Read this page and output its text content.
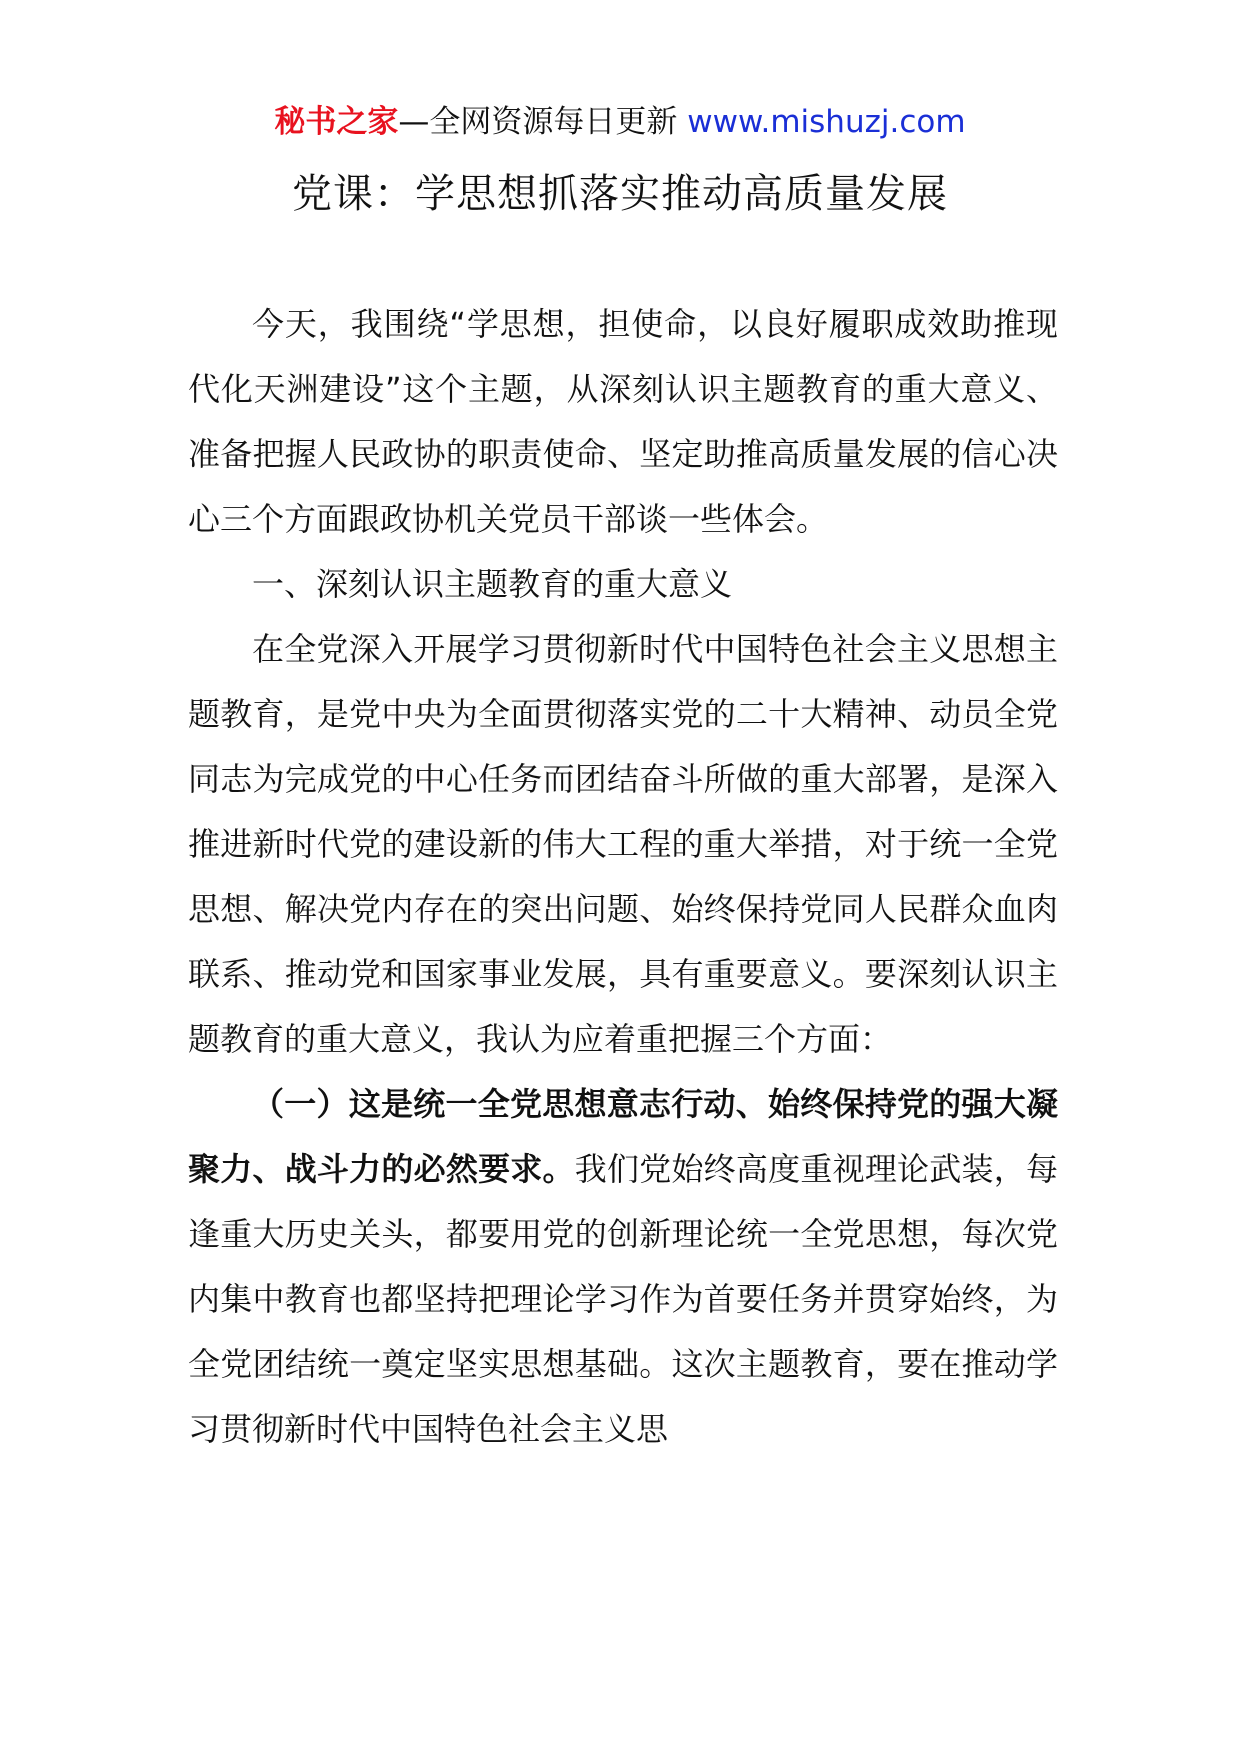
秘书之家—全网资源每日更新 www.mishuzj.com
党课：学思想抓落实推动高质量发展

今天，我围绕“学思想，担使命，以良好履职成效助推现代化天洲建设”这个主题，从深刻认识主题教育的重大意义、准备把握人民政协的职责使命、坚定助推高质量发展的信心决心三个方面跟政协机关党员干部谈一些体会。

一、深刻认识主题教育的重大意义

在全党深入开展学习贯彻新时代中国特色社会主义思想主题教育，是党中央为全面贯彻落实党的二十大精神、动员全党同志为完成党的中心任务而团结奋斗所做的重大部署，是深入推进新时代党的建设新的伟大工程的重大举措，对于统一全党思想、解决党内存在的突出问题、始终保持党同人民群众血肉联系、推动党和国家事业发展，具有重要意义。要深刻认识主题教育的重大意义，我认为应着重把握三个方面：

（一）这是统一全党思想意志行动、始终保持党的强大凝聚力、战斗力的必然要求。我们党始终高度重视理论武装，每逢重大历史关头，都要用党的创新理论统一全党思想，每次党内集中教育也都坚持把理论学习作为首要任务并贯穿始终，为全党团结统一奠定坚实思想基础。这次主题教育，要在推动学习贯彻新时代中国特色社会主义思
